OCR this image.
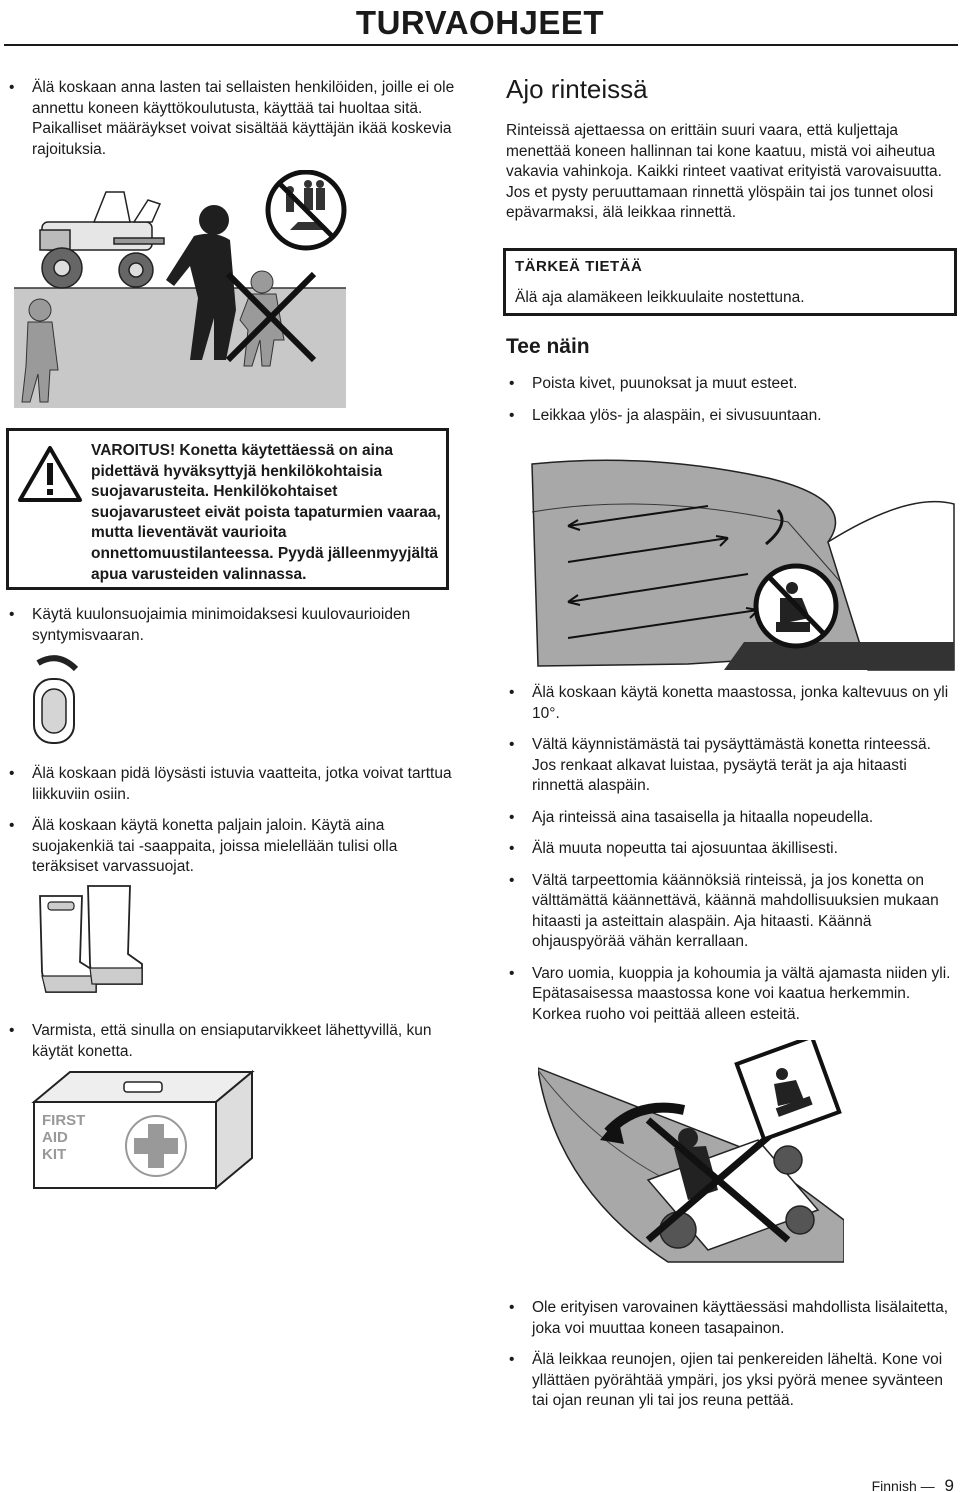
TURVAOHJEET
• Älä koskaan anna lasten tai sellaisten henkilöiden, joille ei ole annettu koneen käyttökoulutusta, käyttää tai huoltaa sitä. Paikalliset määräykset voivat sisältää käyttäjän ikää koskevia rajoituksia.
VAROITUS! Konetta käytettäessä on aina pidettävä hyväksyttyjä henkilökohtaisia suojavarusteita. Henkilökohtaiset suojavarusteet eivät poista tapaturmien vaaraa, mutta lieventävät vaurioita onnettomuustilanteessa. Pyydä jälleenmyyjältä apua varusteiden valinnassa.
• Käytä kuulonsuojaimia minimoidaksesi kuulovaurioiden syntymisvaaran.
• Älä koskaan pidä löysästi istuvia vaatteita, jotka voivat tarttua liikkuviin osiin.
• Älä koskaan käytä konetta paljain jaloin. Käytä aina suojakenkiä tai -saappaita, joissa mielellään tulisi olla teräksiset varvassuojat.
• Varmista, että sinulla on ensiaputarvikkeet lähettyvillä, kun käytät konetta.
FIRST AID KIT
Ajo rinteissä
Rinteissä ajettaessa on erittäin suuri vaara, että kuljettaja menettää koneen hallinnan tai kone kaatuu, mistä voi aiheutua vakavia vahinkoja. Kaikki rinteet vaativat erityistä varovaisuutta. Jos et pysty peruuttamaan rinnettä ylöspäin tai jos tunnet olosi epävarmaksi, älä leikkaa rinnettä.
TÄRKEÄ TIETÄÄ
Älä aja alamäkeen leikkuulaite nostettuna.
Tee näin
• Poista kivet, puunoksat ja muut esteet.
• Leikkaa ylös- ja alaspäin, ei sivusuuntaan.
• Älä koskaan käytä konetta maastossa, jonka kaltevuus on yli 10°.
• Vältä käynnistämästä tai pysäyttämästä konetta rinteessä. Jos renkaat alkavat luistaa, pysäytä terät ja aja hitaasti rinnettä alaspäin.
• Aja rinteissä aina tasaisella ja hitaalla nopeudella.
• Älä muuta nopeutta tai ajosuuntaa äkillisesti.
• Vältä tarpeettomia käännöksiä rinteissä, ja jos konetta on välttämättä käännettävä, käännä mahdollisuuksien mukaan hitaasti ja asteittain alaspäin. Aja hitaasti. Käännä ohjauspyörää vähän kerrallaan.
• Varo uomia, kuoppia ja kohoumia ja vältä ajamasta niiden yli. Epätasaisessa maastossa kone voi kaatua herkemmin. Korkea ruoho voi peittää alleen esteitä.
• Ole erityisen varovainen käyttäessäsi mahdollista lisälaitetta, joka voi muuttaa koneen tasapainon.
• Älä leikkaa reunojen, ojien tai penkereiden läheltä. Kone voi yllättäen pyörähtää ympäri, jos yksi pyörä menee syvänteen tai ojan reunan yli tai jos reuna pettää.
Finnish — 9
